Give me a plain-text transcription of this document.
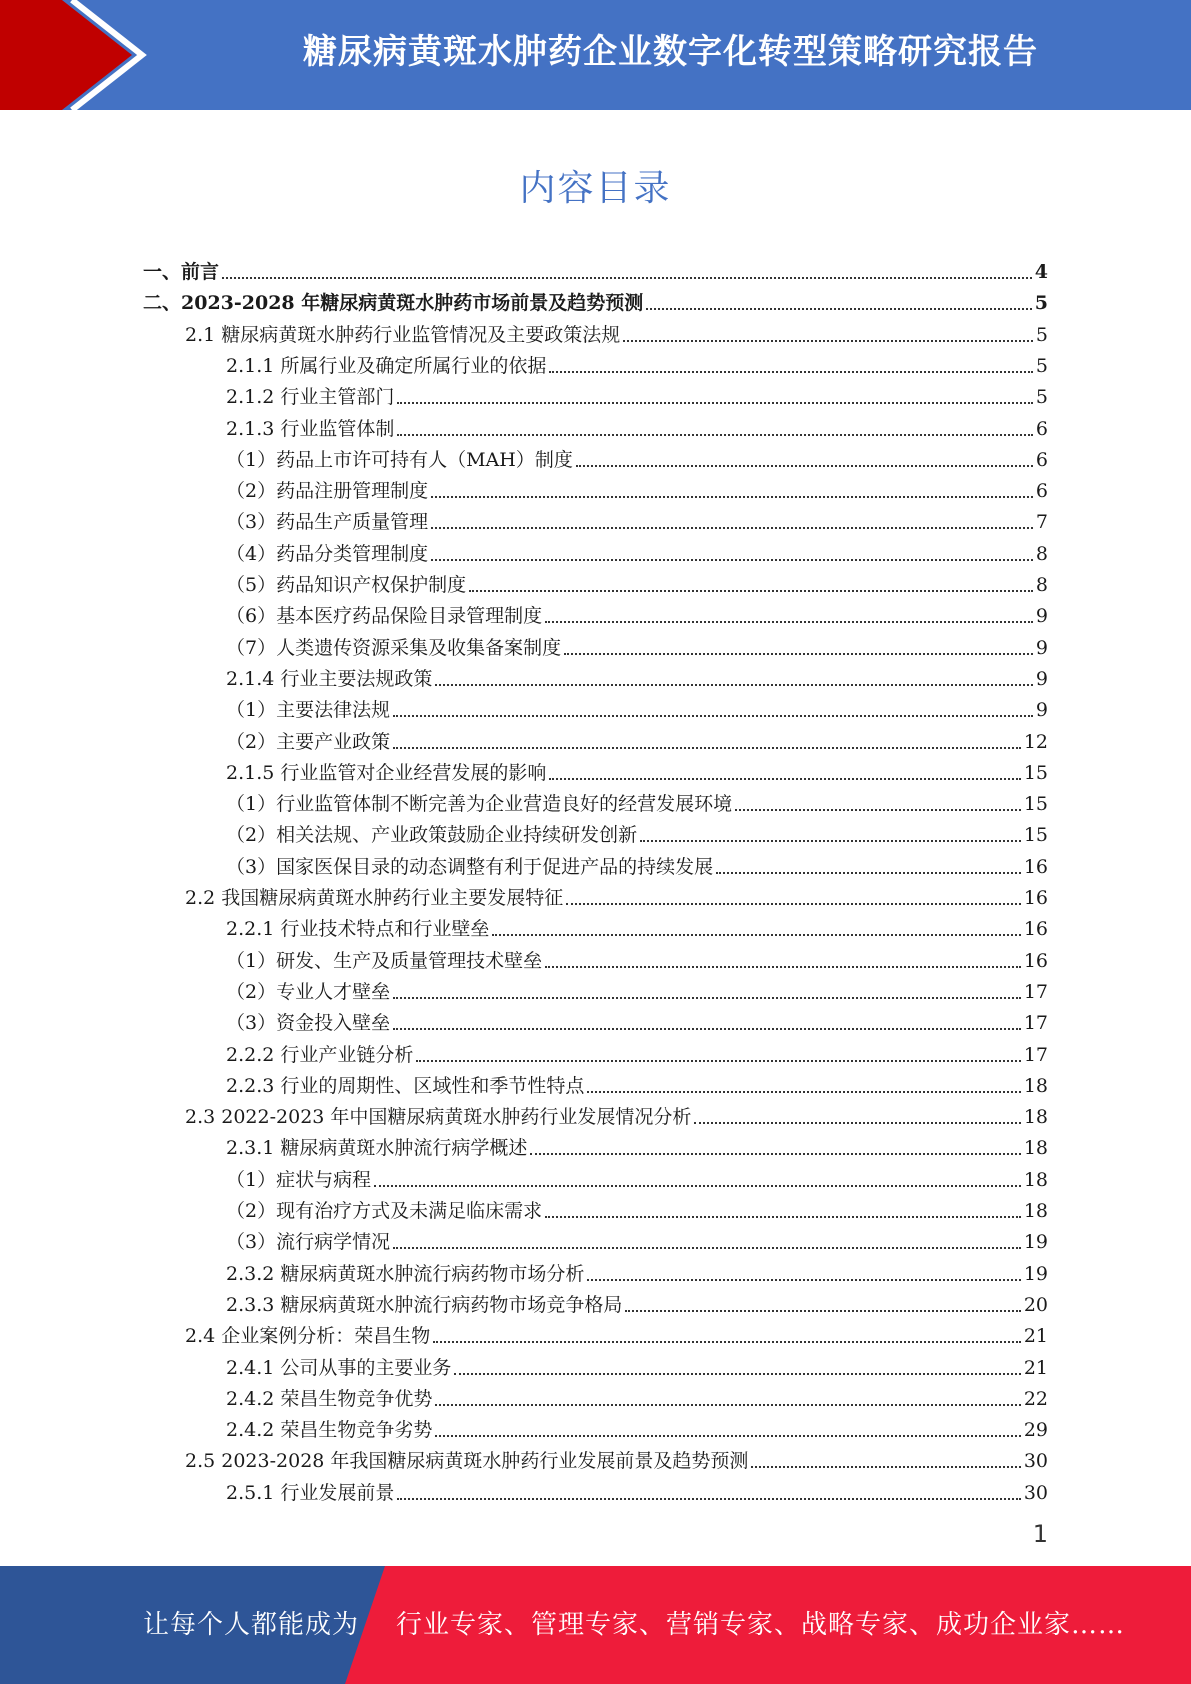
糖尿病黄斑水肿药企业数字化转型策略研究报告
内容目录
一、前言	4
二、2023-2028 年糖尿病黄斑水肿药市场前景及趋势预测	5
2.1 糖尿病黄斑水肿药行业监管情况及主要政策法规	5
2.1.1 所属行业及确定所属行业的依据	5
2.1.2 行业主管部门	5
2.1.3 行业监管体制	6
（1）药品上市许可持有人（MAH）制度	6
（2）药品注册管理制度	6
（3）药品生产质量管理	7
（4）药品分类管理制度	8
（5）药品知识产权保护制度	8
（6）基本医疗药品保险目录管理制度	9
（7）人类遗传资源采集及收集备案制度	9
2.1.4 行业主要法规政策	9
（1）主要法律法规	9
（2）主要产业政策	12
2.1.5 行业监管对企业经营发展的影响	15
（1）行业监管体制不断完善为企业营造良好的经营发展环境	15
（2）相关法规、产业政策鼓励企业持续研发创新	15
（3）国家医保目录的动态调整有利于促进产品的持续发展	16
2.2 我国糖尿病黄斑水肿药行业主要发展特征	16
2.2.1 行业技术特点和行业壁垒	16
（1）研发、生产及质量管理技术壁垒	16
（2）专业人才壁垒	17
（3）资金投入壁垒	17
2.2.2 行业产业链分析	17
2.2.3 行业的周期性、区域性和季节性特点	18
2.3 2022-2023 年中国糖尿病黄斑水肿药行业发展情况分析	18
2.3.1 糖尿病黄斑水肿流行病学概述	18
（1）症状与病程	18
（2）现有治疗方式及未满足临床需求	18
（3）流行病学情况	19
2.3.2 糖尿病黄斑水肿流行病药物市场分析	19
2.3.3 糖尿病黄斑水肿流行病药物市场竞争格局	20
2.4 企业案例分析：荣昌生物	21
2.4.1 公司从事的主要业务	21
2.4.2 荣昌生物竞争优势	22
2.4.2 荣昌生物竞争劣势	29
2.5 2023-2028 年我国糖尿病黄斑水肿药行业发展前景及趋势预测	30
2.5.1 行业发展前景	30
1
让每个人都能成为 行业专家、管理专家、营销专家、战略专家、成功企业家……
